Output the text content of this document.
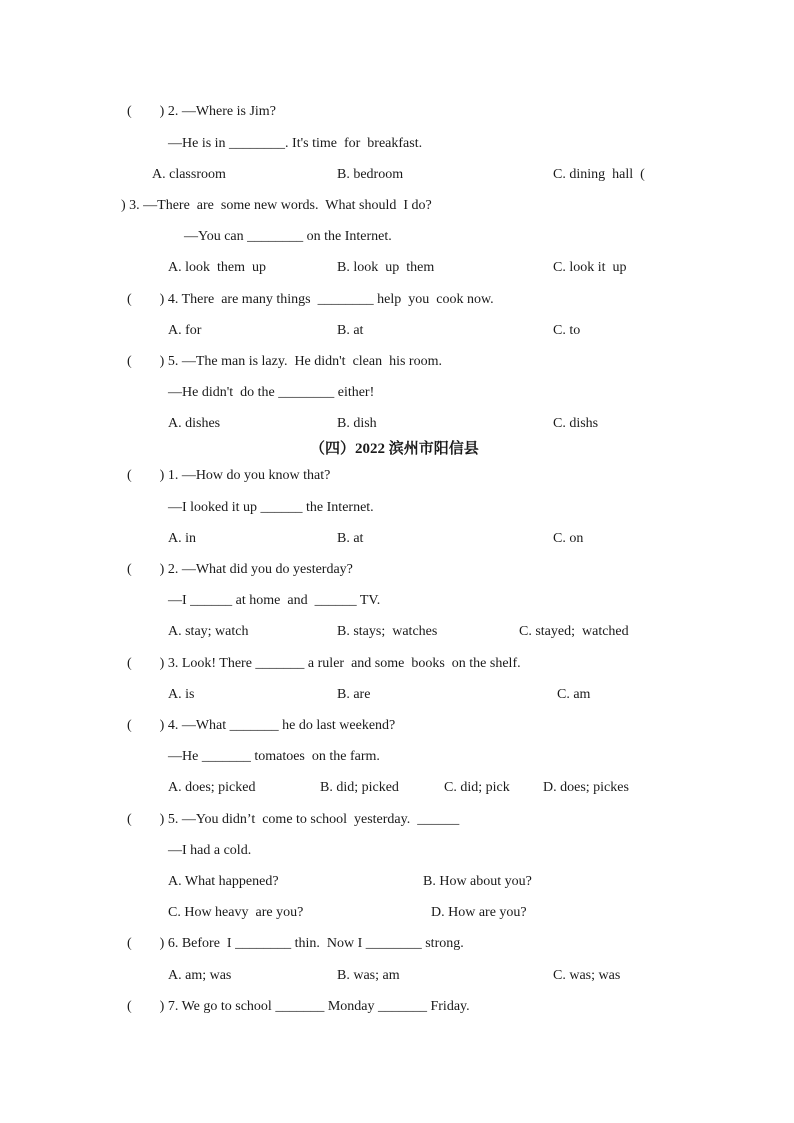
(        ) 2. —Where is Jim?
—He is in ________. It's time  for  breakfast.
A. classroom	B. bedroom	C. dining  hall  (
) 3. —There  are  some new words.  What should  I do?
—You can ________ on the Internet.
A. look  them  up	B. look  up  them	C. look it  up
(        ) 4. There  are many things  ________ help  you  cook now.
A. for	B. at	C. to
(        ) 5. —The man is lazy.  He didn't  clean  his room.
—He didn't  do the ________ either!
A. dishes	B. dish	C. dishs
（四）2022 滨州市阳信县
(        ) 1. —How do you know that?
—I looked it up ______ the Internet.
A. in	B. at	C. on
(        ) 2. —What did you do yesterday?
—I ______ at home  and  ______ TV.
A. stay; watch	B. stays;  watches	C. stayed;  watched
(        ) 3. Look! There _______ a ruler  and some  books  on the shelf.
A. is	B. are	C. am
(        ) 4. —What _______ he do last weekend?
—He _______ tomatoes  on the farm.
A. does; picked	B. did; picked	C. did; pick D. does; pickes
(        ) 5. —You didn’t  come to school  yesterday.  ______
—I had a cold.
A. What happened?	B. How about you?
C. How heavy  are you?	D. How are you?
(        ) 6. Before  I ________ thin.  Now I ________ strong.
A. am; was	B. was; am	C. was; was
(        ) 7. We go to school _______ Monday _______ Friday.
